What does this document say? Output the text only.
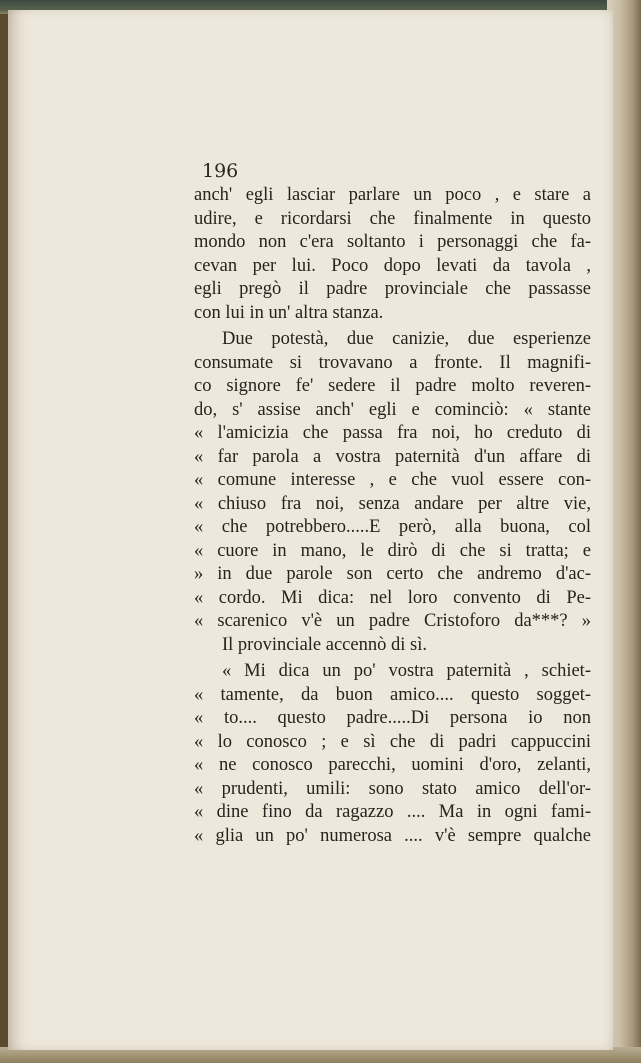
196

anch' egli lasciar parlare un poco , e stare a
udire, e ricordarsi che finalmente in questo
mondo non c'era soltanto i personaggi che fa-
cevan per lui. Poco dopo levati da tavola ,
egli pregò il padre provinciale che passasse
con lui in un' altra stanza.
Due potestà, due canizie, due esperienze
consumate si trovavano a fronte. Il magnifi-
co signore fe' sedere il padre molto reveren-
do, s' assise anch' egli e cominciò: « stante
« l'amicizia che passa fra noi, ho creduto di
« far parola a vostra paternità d'un affare di
« comune interesse , e che vuol essere con-
« chiuso fra noi, senza andare per altre vie,
« che potrebbero.....E però, alla buona, col
« cuore in mano, le dirò di che si tratta; e
» in due parole son certo che andremo d'ac-
« cordo. Mi dica: nel loro convento di Pe-
« scarenico v'è un padre Cristoforo da***? »
Il provinciale accennò di sì.
« Mi dica un po' vostra paternità , schiet-
« tamente, da buon amico.... questo sogget-
« to.... questo padre.....Di persona io non
« lo conosco ; e sì che di padri cappuccini
« ne conosco parecchi, uomini d'oro, zelanti,
« prudenti, umili: sono stato amico dell'or-
« dine fino da ragazzo .... Ma in ogni fami-
« glia un po' numerosa .... v'è sempre qualche
